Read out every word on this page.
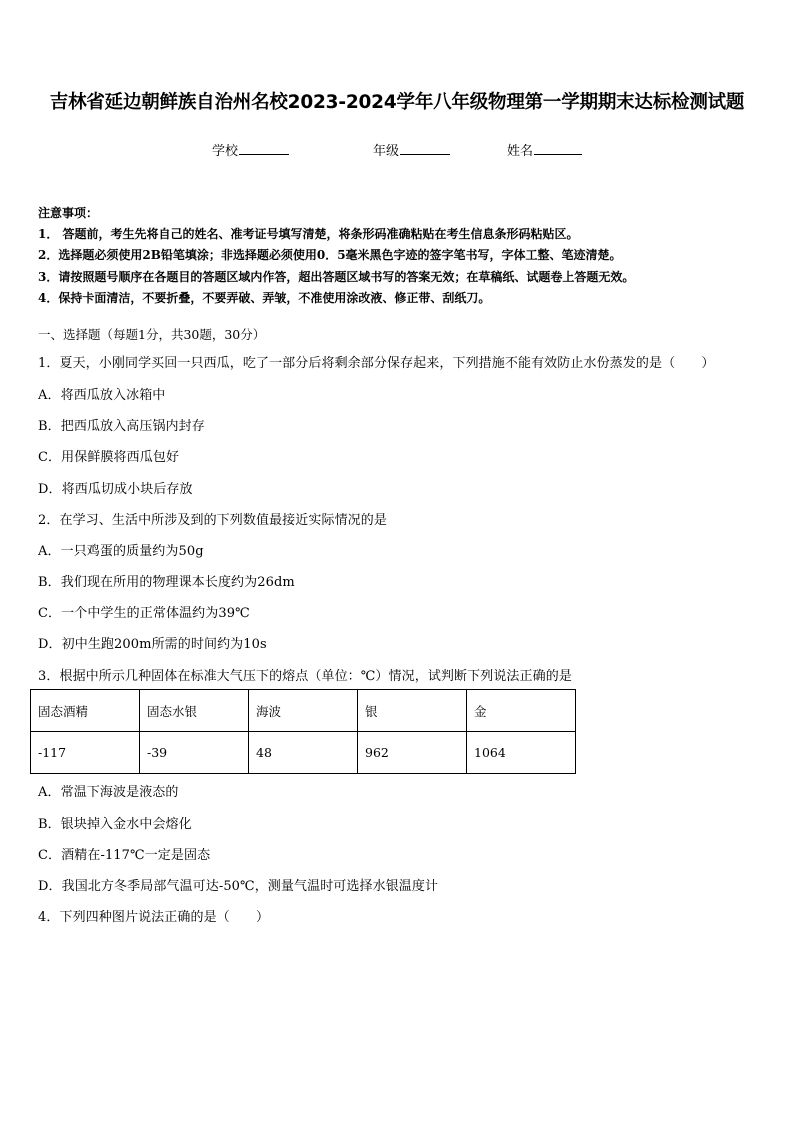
吉林省延边朝鲜族自治州名校2023-2024学年八年级物理第一学期期末达标检测试题
学校	年级	姓名
注意事项：
1． 答题前，考生先将自己的姓名、准考证号填写清楚，将条形码准确粘贴在考生信息条形码粘贴区。
2．选择题必须使用2B铅笔填涂；非选择题必须使用0．5毫米黑色字迹的签字笔书写，字体工整、笔迹清楚。
3．请按照题号顺序在各题目的答题区域内作答，超出答题区域书写的答案无效；在草稿纸、试题卷上答题无效。
4．保持卡面清洁，不要折叠，不要弄破、弄皱，不准使用涂改液、修正带、刮纸刀。
一、选择题（每题1分，共30题，30分）
1．夏天，小刚同学买回一只西瓜，吃了一部分后将剩余部分保存起来，下列措施不能有效防止水份蒸发的是（　　）
A．将西瓜放入冰箱中
B．把西瓜放入高压锅内封存
C．用保鲜膜将西瓜包好
D．将西瓜切成小块后存放
2．在学习、生活中所涉及到的下列数值最接近实际情况的是
A．一只鸡蛋的质量约为50g
B．我们现在所用的物理课本长度约为26dm
C．一个中学生的正常体温约为39℃
D．初中生跑200m所需的时间约为10s
3．根据中所示几种固体在标准大气压下的熔点（单位：℃）情况，试判断下列说法正确的是
固态酒精	固态水银	海波	银	金
-117	-39	48	962	1064
A．常温下海波是液态的
B．银块掉入金水中会熔化
C．酒精在-117℃一定是固态
D．我国北方冬季局部气温可达-50℃，测量气温时可选择水银温度计
4．下列四种图片说法正确的是（　　）
